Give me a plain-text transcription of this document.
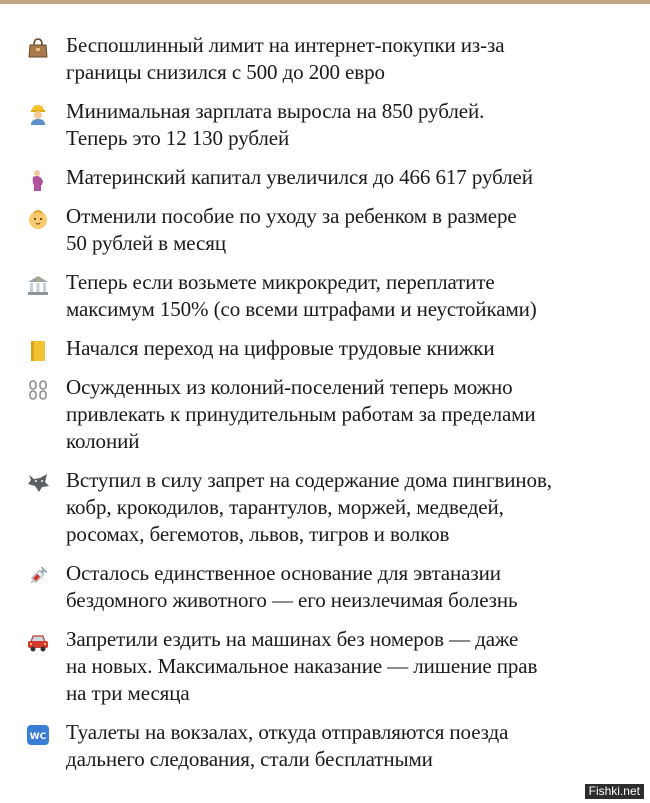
Беспошлинный лимит на интернет-покупки из-за
границы снизился с 500 до 200 евро
Минимальная зарплата выросла на 850 рублей.
Теперь это 12 130 рублей
Материнский капитал увеличился до 466 617 рублей
Отменили пособие по уходу за ребенком в размере
50 рублей в месяц
$ Теперь если возьмете микрокредит, переплатите
максимум 150% (со всеми штрафами и неустойками)
Начался переход на цифровые трудовые книжки
Осужденных из колоний-поселений теперь можно
привлекать к принудительным работам за пределами
колоний
Вступил в силу запрет на содержание дома пингвинов,
кобр, крокодилов, тарантулов, моржей, медведей,
росомах, бегемотов, львов, тигров и волков
Осталось единственное основание для эвтаназии
бездомного животного — его неизлечимая болезнь
Запретили ездить на машинах без номеров — даже
на новых. Максимальное наказание — лишение прав
на три месяца
WC Туалеты на вокзалах, откуда отправляются поезда
дальнего следования, стали бесплатными
Fishki.net
